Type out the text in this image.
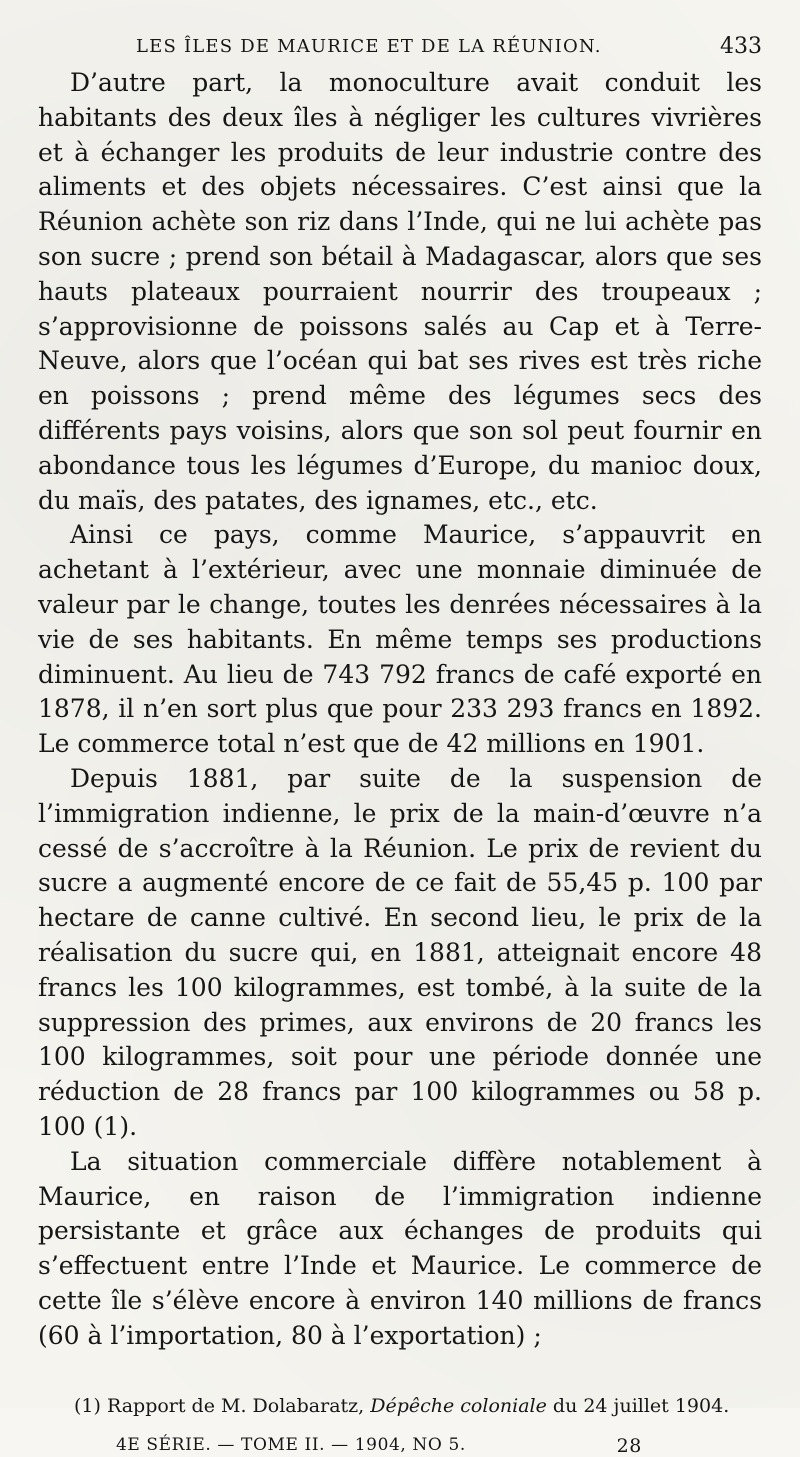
LES ÎLES DE MAURICE ET DE LA RÉUNION.	433

D’autre part, la monoculture avait conduit les habitants des deux îles à négliger les cultures vivrières et à échanger les produits de leur industrie contre des aliments et des objets nécessaires. C’est ainsi que la Réunion achète son riz dans l’Inde, qui ne lui achète pas son sucre ; prend son bétail à Madagascar, alors que ses hauts plateaux pourraient nourrir des troupeaux ; s’approvisionne de poissons salés au Cap et à Terre-Neuve, alors que l’océan qui bat ses rives est très riche en poissons ; prend même des légumes secs des différents pays voisins, alors que son sol peut fournir en abondance tous les légumes d’Europe, du manioc doux, du maïs, des patates, des ignames, etc., etc.

Ainsi ce pays, comme Maurice, s’appauvrit en achetant à l’extérieur, avec une monnaie diminuée de valeur par le change, toutes les denrées nécessaires à la vie de ses habitants. En même temps ses productions diminuent. Au lieu de 743 792 francs de café exporté en 1878, il n’en sort plus que pour 233 293 francs en 1892. Le commerce total n’est que de 42 millions en 1901.

Depuis 1881, par suite de la suspension de l’immigration indienne, le prix de la main-d’œuvre n’a cessé de s’accroître à la Réunion. Le prix de revient du sucre a augmenté encore de ce fait de 55,45 p. 100 par hectare de canne cultivé. En second lieu, le prix de la réalisation du sucre qui, en 1881, atteignait encore 48 francs les 100 kilogrammes, est tombé, à la suite de la suppression des primes, aux environs de 20 francs les 100 kilogrammes, soit pour une période donnée une réduction de 28 francs par 100 kilogrammes ou 58 p. 100 (1).

La situation commerciale diffère notablement à Maurice, en raison de l’immigration indienne persistante et grâce aux échanges de produits qui s’effectuent entre l’Inde et Maurice. Le commerce de cette île s’élève encore à environ 140 millions de francs (60 à l’importation, 80 à l’exportation) ;

(1) Rapport de M. Dolabaratz, Dépêche coloniale du 24 juillet 1904.
4E SÉRIE. — TOME II. — 1904, NO 5.	28
